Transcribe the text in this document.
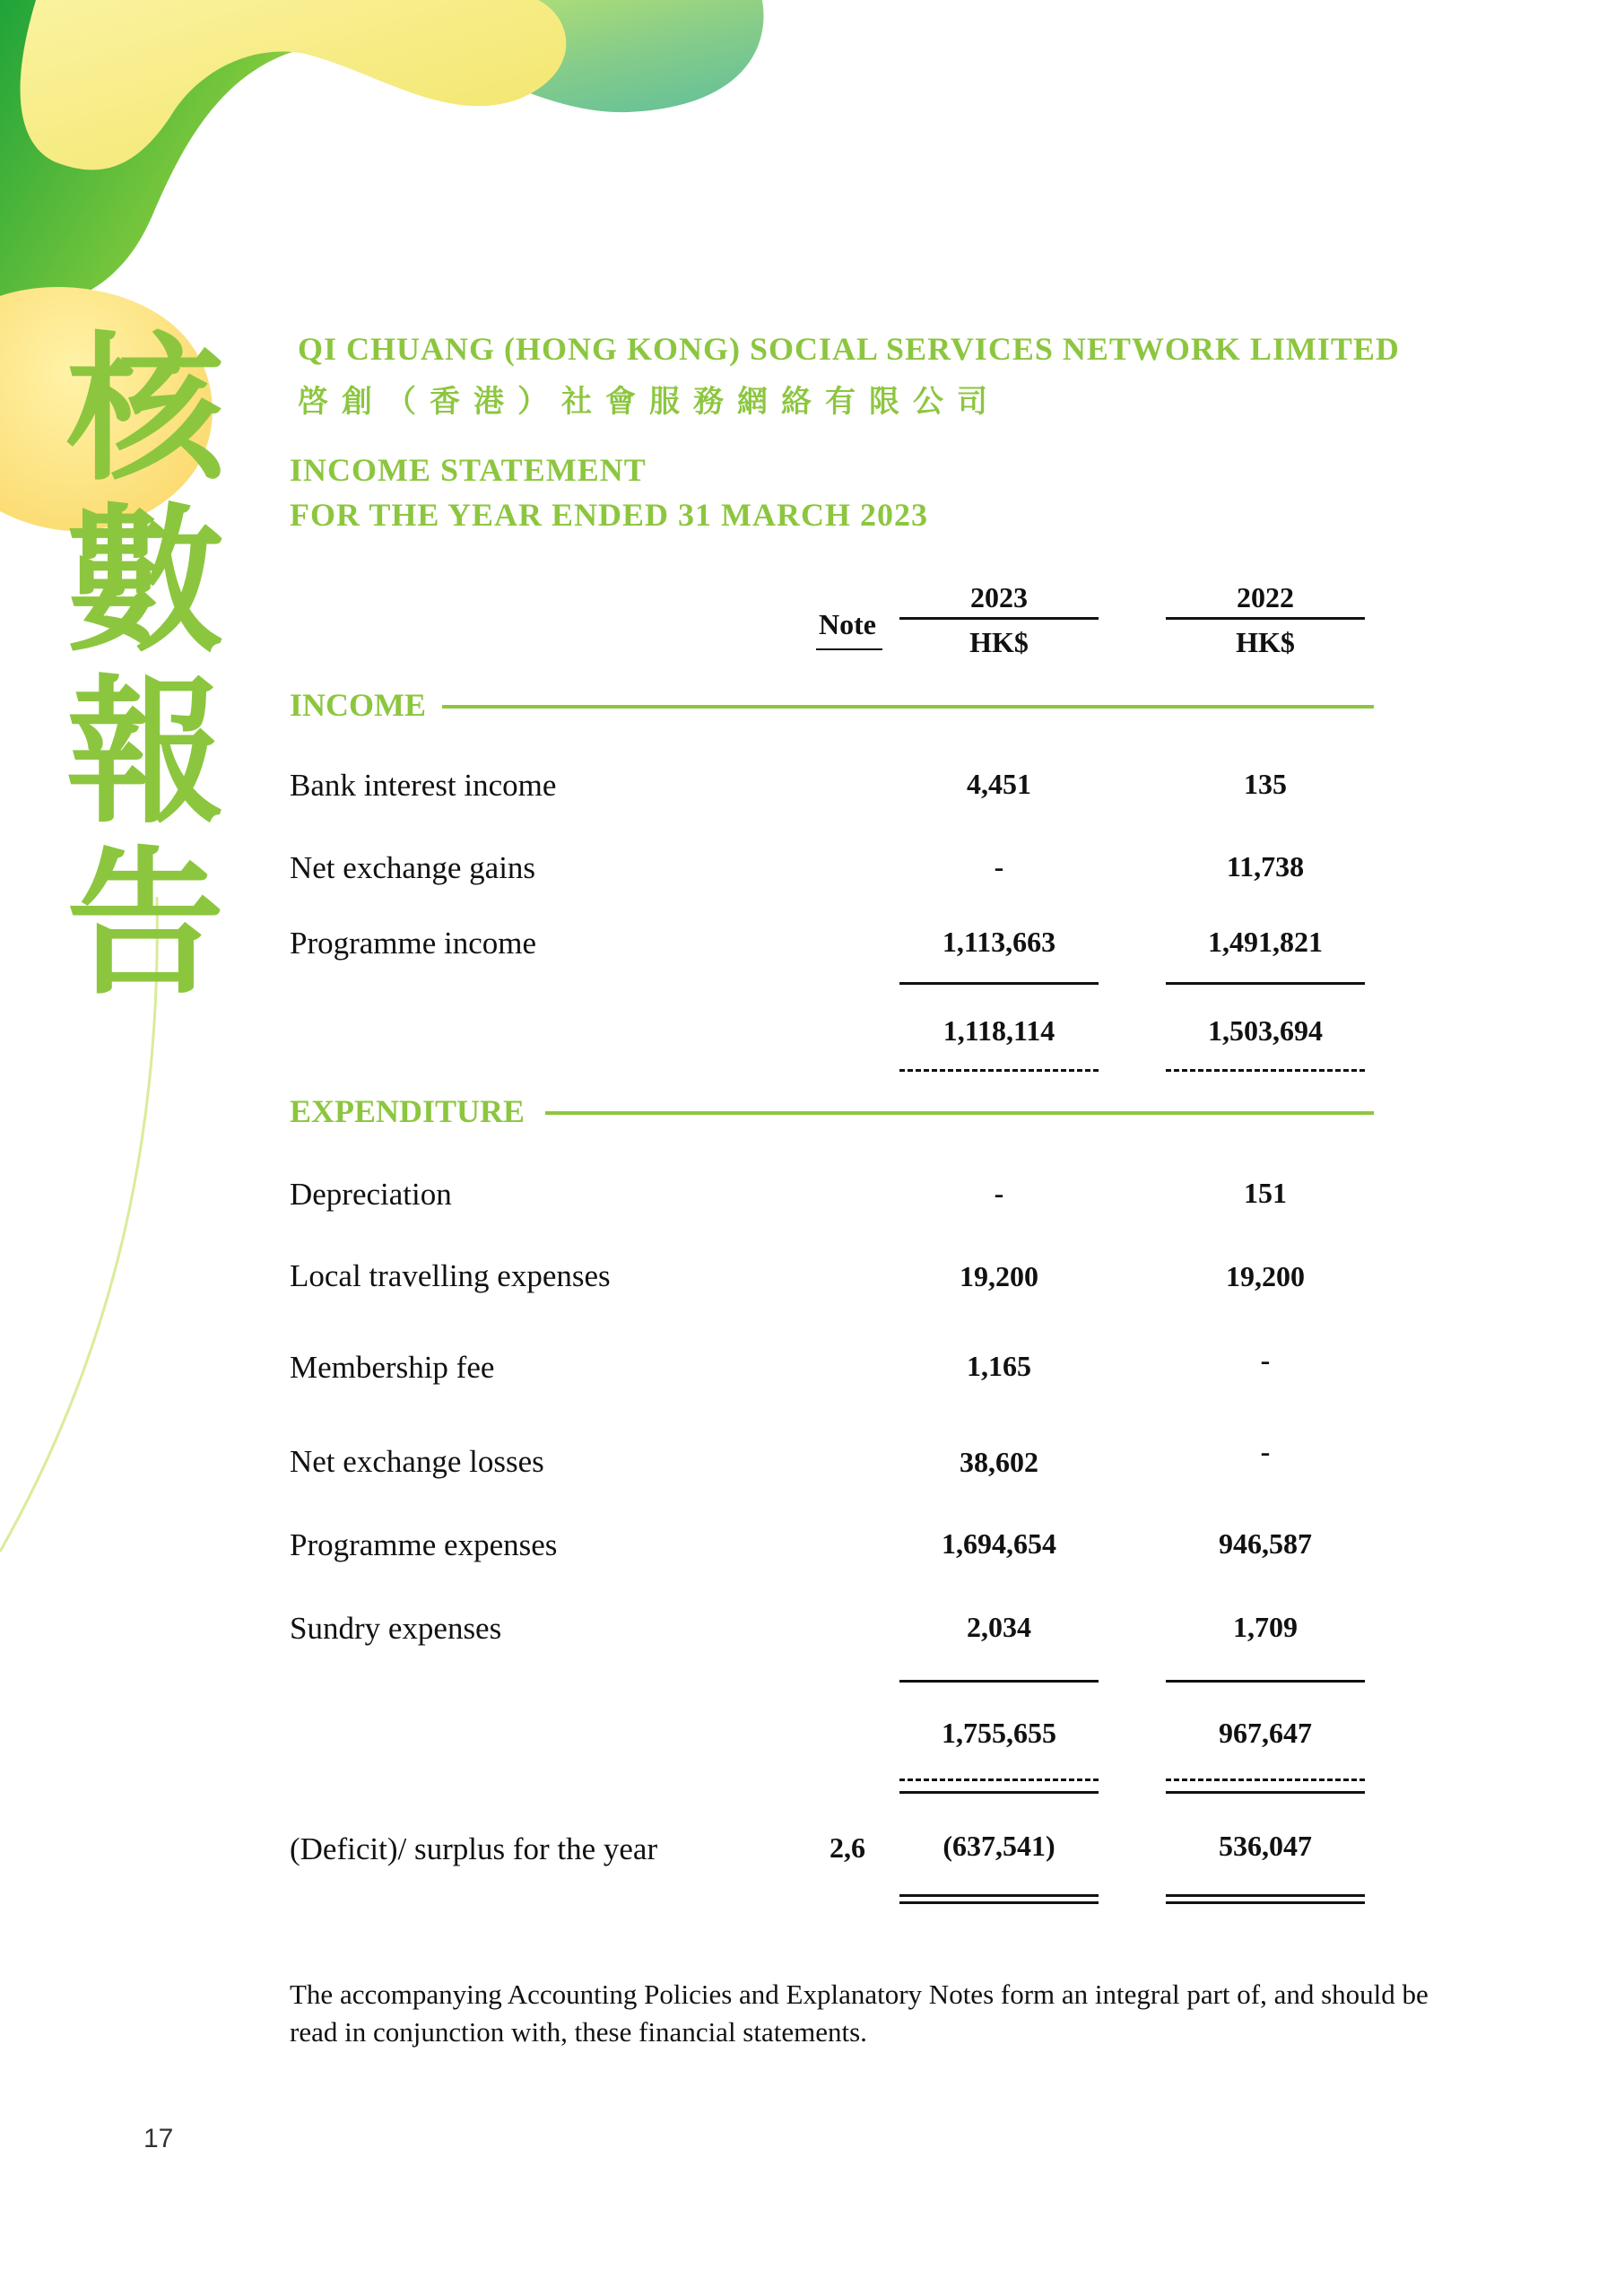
核
數
報
告
QI CHUANG (HONG KONG) SOCIAL SERVICES NETWORK LIMITED
啓創（香港）社會服務網絡有限公司
INCOME STATEMENT
FOR THE YEAR ENDED 31 MARCH 2023
Note
2023
HK$
2022
HK$
INCOME
Bank interest income	4,451	135
Net exchange gains	-	11,738
Programme income	1,113,663	1,491,821
1,118,114	1,503,694
EXPENDITURE
Depreciation	-	151
Local travelling expenses	19,200	19,200
Membership fee	1,165	-
Net exchange losses	38,602	-
Programme expenses	1,694,654	946,587
Sundry expenses	2,034	1,709
1,755,655	967,647
(Deficit)/ surplus for the year	2,6	(637,541)	536,047
The accompanying Accounting Policies and Explanatory Notes form an integral part of, and should be read in conjunction with, these financial statements.
17
